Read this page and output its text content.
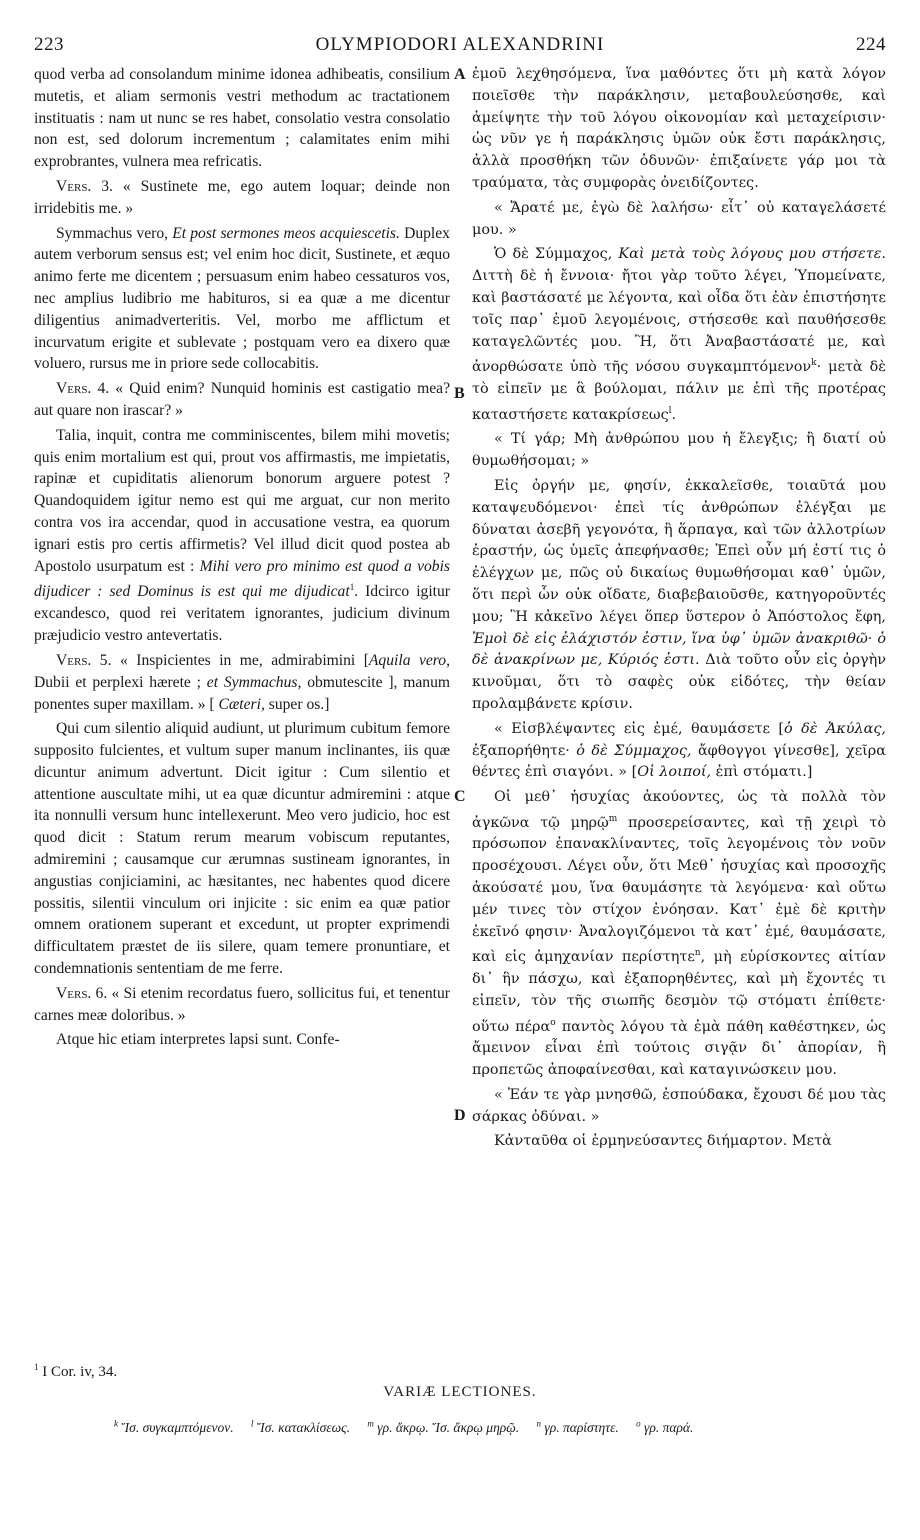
223	OLYMPIODORI ALEXANDRINI	224
A
B
C
D

quod verba ad consolandum minime idonea adhibeatis, consilium mutetis, et aliam sermonis vestri methodum ac tractationem instituatis : nam ut nunc se res habet, consolatio vestra consolatio non est, sed dolorum incrementum ; calamitates enim mihi exprobrantes, vulnera mea refricatis.

Vers. 3. « Sustinete me, ego autem loquar; deinde non irridebitis me. »

Symmachus vero, Et post sermones meos acquiescetis. Duplex autem verborum sensus est; vel enim hoc dicit, Sustinete, et æquo animo ferte me dicentem ; persuasum enim habeo cessaturos vos, nec amplius ludibrio me habituros, si ea quæ a me dicentur diligentius animadverteritis. Vel, morbo me afflictum et incurvatum erigite et sublevate ; postquam vero ea dixero quæ voluero, rursus me in priore sede collocabitis.

Vers. 4. « Quid enim? Nunquid hominis est castigatio mea? aut quare non irascar? »

Talia, inquit, contra me comminiscentes, bilem mihi movetis; quis enim mortalium est qui, prout vos affirmastis, me impietatis, rapinæ et cupiditatis alienorum bonorum arguere potest ? Quandoquidem igitur nemo est qui me arguat, cur non merito contra vos ira accendar, quod in accusatione vestra, ea quorum ignari estis pro certis affirmetis? Vel illud dicit quod postea ab Apostolo usurpatum est : Mihi vero pro minimo est quod a vobis dijudicer : sed Dominus is est qui me dijudicat$^1$. Idcirco igitur excandesco, quod rei veritatem ignorantes, judicium divinum præjudicio vestro antevertatis.

Vers. 5. « Inspicientes in me, admirabimini [Aquila vero, Dubii et perplexi hærete ; et Symmachus, obmutescite ], manum ponentes super maxillam. » [ Cæteri, super os.]

Qui cum silentio aliquid audiunt, ut plurimum cubitum femore supposito fulcientes, et vultum super manum inclinantes, iis quæ dicuntur animum advertunt. Dicit igitur : Cum silentio et attentione auscultate mihi, ut ea quæ dicuntur admiremini : atque ita nonnulli versum hunc intellexerunt. Meo vero judicio, hoc est quod dicit : Statum rerum mearum vobiscum reputantes, admiremini ; causamque cur ærumnas sustineam ignorantes, in angustias conjiciamini, ac hæsitantes, nec habentes quod dicere possitis, silentii vinculum ori injicite : sic enim ea quæ patior omnem orationem superant et excedunt, ut propter exprimendi difficultatem præstet de iis silere, quam temere pronuntiare, et condemnationis sententiam de me ferre.

Vers. 6. « Si etenim recordatus fuero, sollicitus fui, et tenentur carnes meæ doloribus. »

Atque hic etiam interpretes lapsi sunt. Confe-

ἐμοῦ λεχθησόμενα, ἵνα μαθόντες ὅτι μὴ κατὰ λόγον ποιεῖσθε τὴν παράκλησιν, μεταβουλεύσησθε, καὶ ἀμείψητε τὴν τοῦ λόγου οἰκονομίαν καὶ μεταχείρισιν· ὡς νῦν γε ἡ παράκλησις ὑμῶν οὐκ ἔστι παράκλησις, ἀλλὰ προσθήκη τῶν ὀδυνῶν· ἐπιξαίνετε γάρ μοι τὰ τραύματα, τὰς συμφορὰς ὀνειδίζοντες.

« Ἄρατέ με, ἐγὼ δὲ λαλήσω· εἶτ᾽ οὐ καταγελάσετέ μου. »

Ὁ δὲ Σύμμαχος, Καὶ μετὰ τοὺς λόγους μου στήσετε. Διττὴ δὲ ἡ ἔννοια· ἤτοι γὰρ τοῦτο λέγει, Ὑπομείνατε, καὶ βαστάσατέ με λέγοντα, καὶ οἶδα ὅτι ἐὰν ἐπιστήσητε τοῖς παρ᾽ ἐμοῦ λεγομένοις, στήσεσθε καὶ παυθήσεσθε καταγελῶντές μου. Ἢ, ὅτι Ἀναβαστάσατέ με, καὶ ἀνορθώσατε ὑπὸ τῆς νόσου συγκαμπτόμενον$^k$· μετὰ δὲ τὸ εἰπεῖν με ἃ βούλομαι, πάλιν με ἐπὶ τῆς προτέρας καταστήσετε κατακρίσεως$^l$.

« Τί γάρ; Μὴ ἀνθρώπου μου ἡ ἔλεγξις; ἢ διατί οὐ θυμωθήσομαι; »

Εἰς ὀργήν με, φησίν, ἐκκαλεῖσθε, τοιαῦτά μου καταψευδόμενοι· ἐπεὶ τίς ἀνθρώπων ἐλέγξαι με δύναται ἀσεβῆ γεγονότα, ἢ ἅρπαγα, καὶ τῶν ἀλλοτρίων ἐραστήν, ὡς ὑμεῖς ἀπεφήνασθε; Ἐπεὶ οὖν μή ἐστί τις ὁ ἐλέγχων με, πῶς οὐ δικαίως θυμωθήσομαι καθ᾽ ὑμῶν, ὅτι περὶ ὧν οὐκ οἴδατε, διαβεβαιοῦσθε, κατηγοροῦντές μου; Ἢ κἀκεῖνο λέγει ὅπερ ὕστερον ὁ Ἀπόστολος ἔφη, Ἐμοὶ δὲ εἰς ἐλάχιστόν ἐστιν, ἵνα ὑφ᾽ ὑμῶν ἀνακριθῶ· ὁ δὲ ἀνακρίνων με, Κύριός ἐστι. Διὰ τοῦτο οὖν εἰς ὀργὴν κινοῦμαι, ὅτι τὸ σαφὲς οὐκ εἰδότες, τὴν θείαν προλαμβάνετε κρίσιν.

« Εἰσβλέψαντες εἰς ἐμέ, θαυμάσετε [ὁ δὲ Ἀκύλας, ἐξαπορήθητε· ὁ δὲ Σύμμαχος, ἄφθογγοι γίνεσθε], χεῖρα θέντες ἐπὶ σιαγόνι. » [Οἱ λοιποί, ἐπὶ στόματι.]

Οἱ μεθ᾽ ἡσυχίας ἀκούοντες, ὡς τὰ πολλὰ τὸν ἀγκῶνα τῷ μηρῷ$^m$ προσερείσαντες, καὶ τῇ χειρὶ τὸ πρόσωπον ἐπανακλίναντες, τοῖς λεγομένοις τὸν νοῦν προσέχουσι. Λέγει οὖν, ὅτι Μεθ᾽ ἡσυχίας καὶ προσοχῆς ἀκούσατέ μου, ἵνα θαυμάσητε τὰ λεγόμενα· καὶ οὕτω μέν τινες τὸν στίχον ἐνόησαν. Κατ᾽ ἐμὲ δὲ κριτὴν ἐκεῖνό φησιν· Ἀναλογιζόμενοι τὰ κατ᾽ ἐμέ, θαυμάσατε, καὶ εἰς ἀμηχανίαν περίστητε$^n$, μὴ εὑρίσκοντες αἰτίαν δι᾽ ἣν πάσχω, καὶ ἐξαπορηθέντες, καὶ μὴ ἔχοντές τι εἰπεῖν, τὸν τῆς σιωπῆς δεσμὸν τῷ στόματι ἐπίθετε· οὕτω πέρα$^o$ παντὸς λόγου τὰ ἐμὰ πάθη καθέστηκεν, ὡς ἄμεινον εἶναι ἐπὶ τούτοις σιγᾷν δι᾽ ἀπορίαν, ἢ προπετῶς ἀποφαίνεσθαι, καὶ καταγινώσκειν μου.

« Ἐάν τε γὰρ μνησθῶ, ἐσπούδακα, ἔχουσι δέ μου τὰς σάρκας ὀδύναι. »

Κἀνταῦθα οἱ ἑρμηνεύσαντες διήμαρτον. Μετὰ

$^1$ I Cor. iv, 34.
VARIÆ LECTIONES.
$^k$ Ἴσ. συγκαμπτόμενον. $^l$ Ἴσ. κατακλίσεως. $^m$ γρ. ἄκρῳ. Ἴσ. ἄκρῳ μηρῷ. $^n$ γρ. παρίστητε. $^o$ γρ. παρά.
